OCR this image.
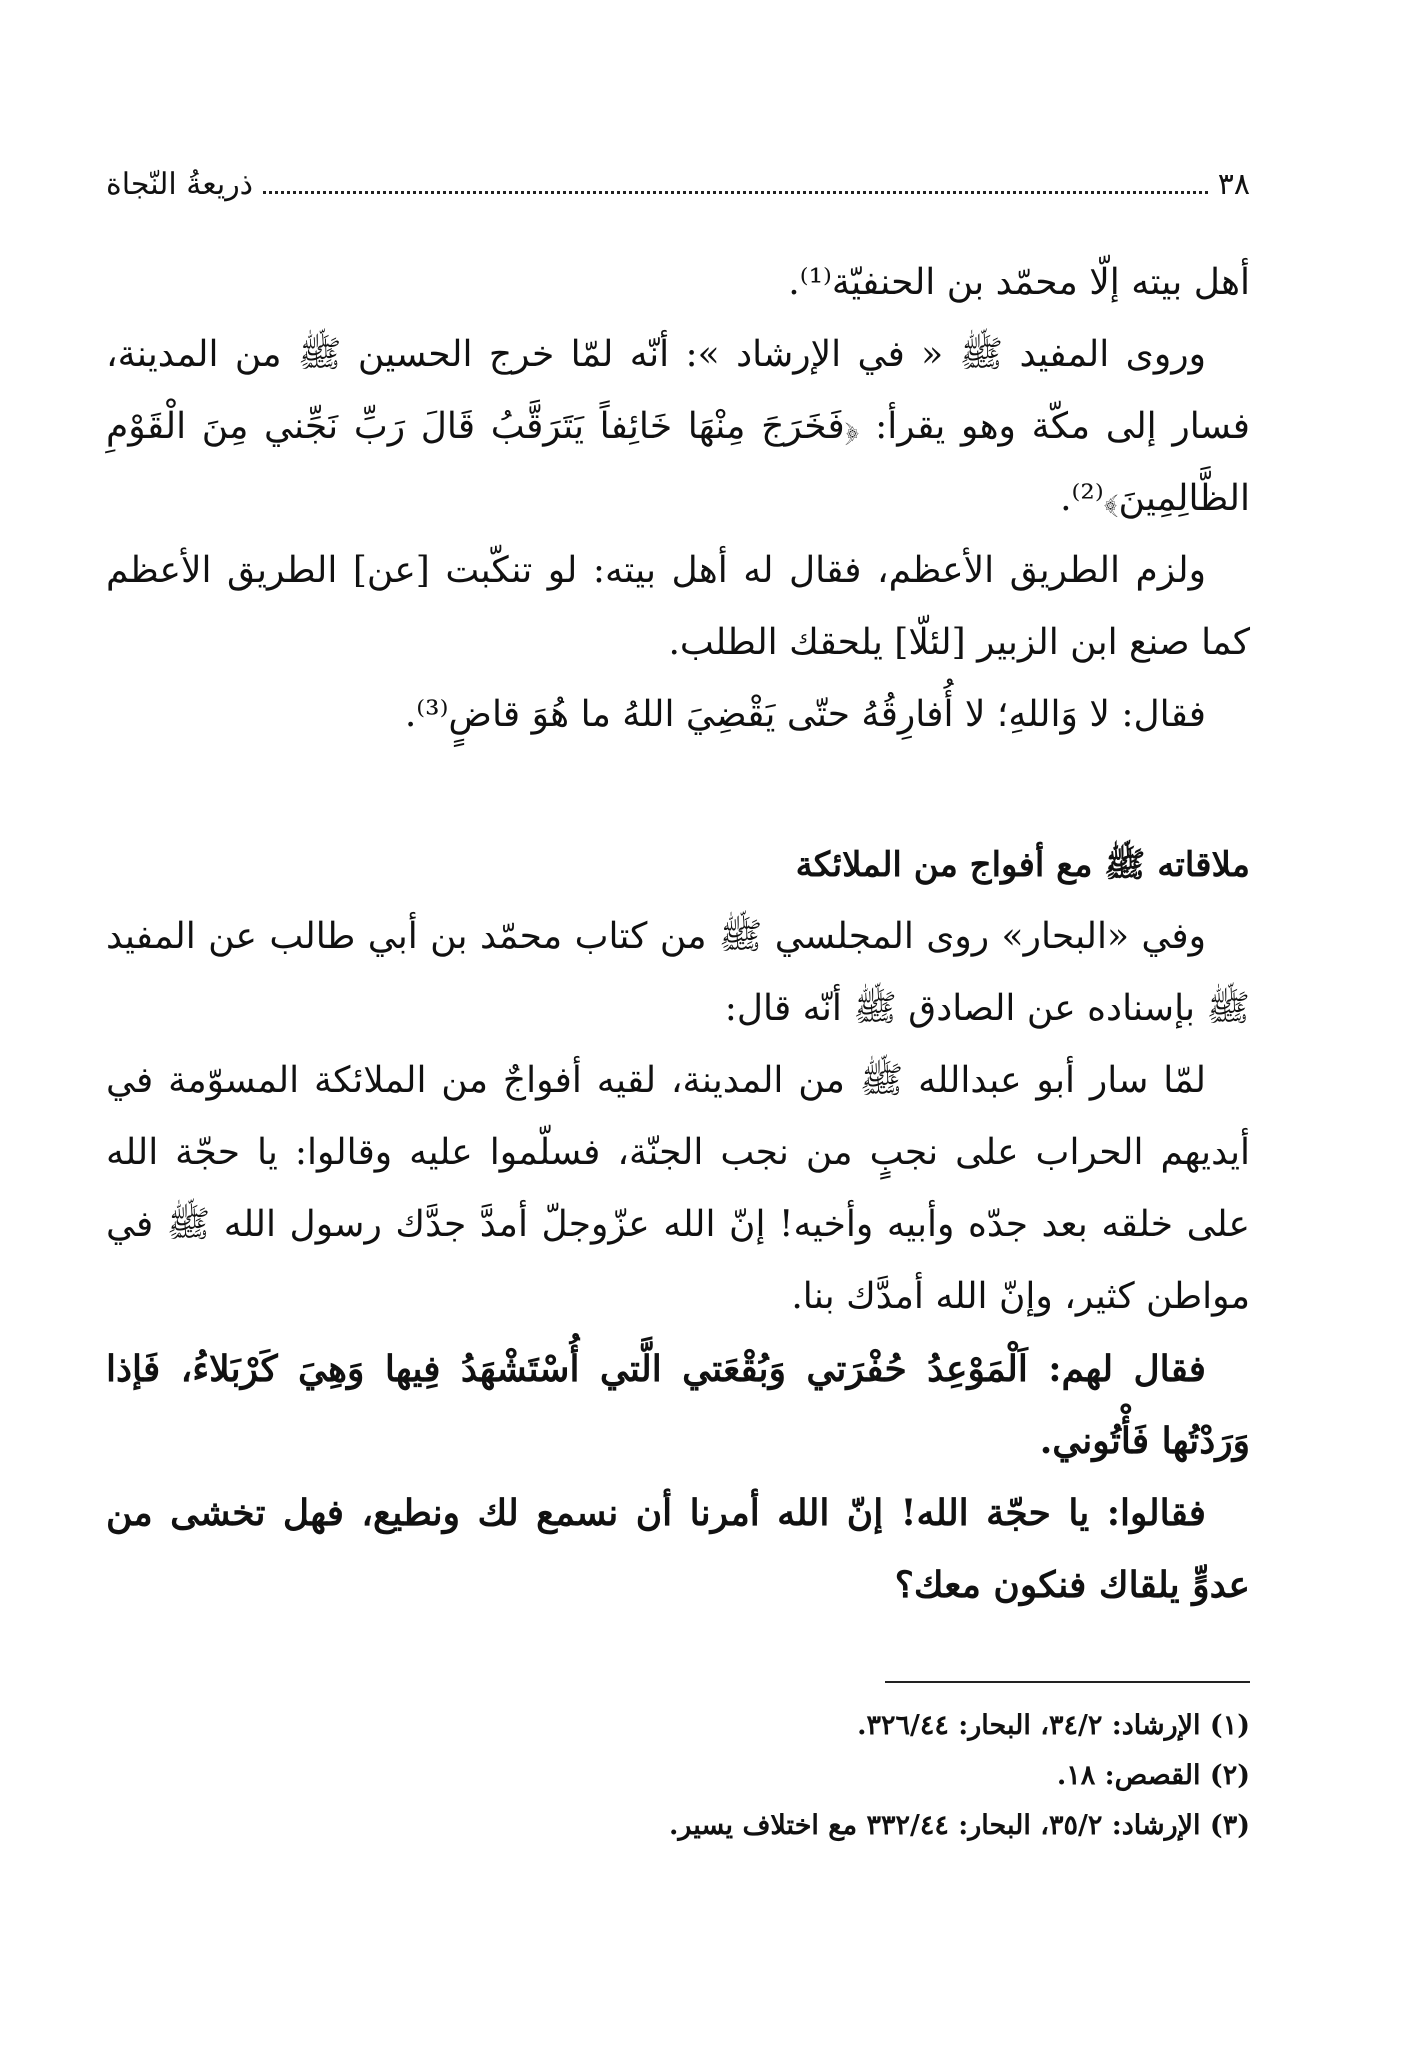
٣٨
ذريعةُ النّجاة

أهل بيته إلّا محمّد بن الحنفيّة⁽¹⁾.

وروى المفيد ﷺ « في الإرشاد »: أنّه لمّا خرج الحسين ﷺ من المدينة، فسار إلى مكّة وهو يقرأ: ﴿فَخَرَجَ مِنْهَا خَائِفاً يَتَرَقَّبُ قَالَ رَبِّ نَجِّني مِنَ الْقَوْمِ الظَّالِمِينَ﴾⁽²⁾.

ولزم الطريق الأعظم، فقال له أهل بيته: لو تنكّبت [عن] الطريق الأعظم كما صنع ابن الزبير [لئلّا] يلحقك الطلب.

فقال: لا وَاللهِ؛ لا أُفارِقُهُ حتّى يَقْضِيَ اللهُ ما هُوَ قاضٍ⁽³⁾.

ملاقاته ﷺ مع أفواج من الملائكة

وفي «البحار» روى المجلسي ﷺ من كتاب محمّد بن أبي طالب عن المفيد ﷺ بإسناده عن الصادق ﷺ أنّه قال:

لمّا سار أبو عبدالله ﷺ من المدينة، لقيه أفواجٌ من الملائكة المسوّمة في أيديهم الحراب على نجبٍ من نجب الجنّة، فسلّموا عليه وقالوا: يا حجّة الله على خلقه بعد جدّه وأبيه وأخيه! إنّ الله عزّوجلّ أمدَّ جدَّك رسول الله ﷺ في مواطن كثير، وإنّ الله أمدَّك بنا.

فقال لهم: اَلْمَوْعِدُ حُفْرَتي وَبُقْعَتي الَّتي أُسْتَشْهَدُ فِيها وَهِيَ كَرْبَلاءُ، فَإذا وَرَدْتُها فَأْتُوني.

فقالوا: يا حجّة الله! إنّ الله أمرنا أن نسمع لك ونطيع، فهل تخشى من عدوٍّ يلقاك فنكون معك؟

(١) الإرشاد: ٣٤/٢، البحار: ٣٢٦/٤٤.

(٢) القصص: ١٨.

(٣) الإرشاد: ٣٥/٢، البحار: ٣٣٢/٤٤ مع اختلاف يسير.
